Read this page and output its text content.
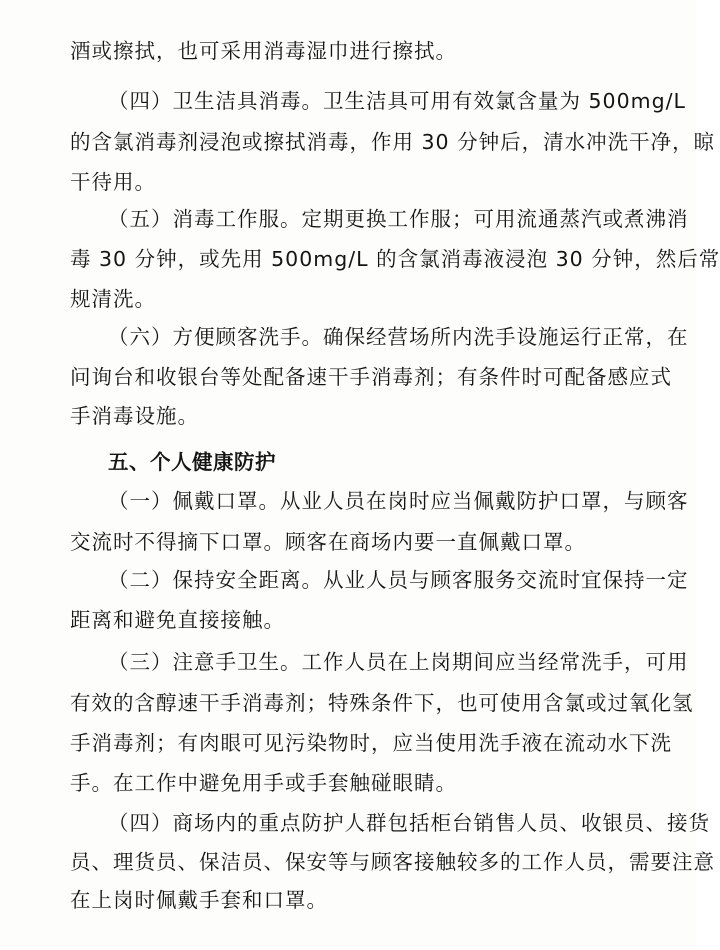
酒或擦拭，也可采用消毒湿巾进行擦拭。
（四）卫生洁具消毒。卫生洁具可用有效氯含量为 500mg/L
的含氯消毒剂浸泡或擦拭消毒，作用 30 分钟后，清水冲洗干净，晾
干待用。
（五）消毒工作服。定期更换工作服；可用流通蒸汽或煮沸消
毒 30 分钟，或先用 500mg/L 的含氯消毒液浸泡 30 分钟，然后常
规清洗。
（六）方便顾客洗手。确保经营场所内洗手设施运行正常，在
问询台和收银台等处配备速干手消毒剂；有条件时可配备感应式
手消毒设施。
五、个人健康防护
（一）佩戴口罩。从业人员在岗时应当佩戴防护口罩，与顾客
交流时不得摘下口罩。顾客在商场内要一直佩戴口罩。
（二）保持安全距离。从业人员与顾客服务交流时宜保持一定
距离和避免直接接触。
（三）注意手卫生。工作人员在上岗期间应当经常洗手，可用
有效的含醇速干手消毒剂；特殊条件下，也可使用含氯或过氧化氢
手消毒剂；有肉眼可见污染物时，应当使用洗手液在流动水下洗
手。在工作中避免用手或手套触碰眼睛。
（四）商场内的重点防护人群包括柜台销售人员、收银员、接货
员、理货员、保洁员、保安等与顾客接触较多的工作人员，需要注意
在上岗时佩戴手套和口罩。
